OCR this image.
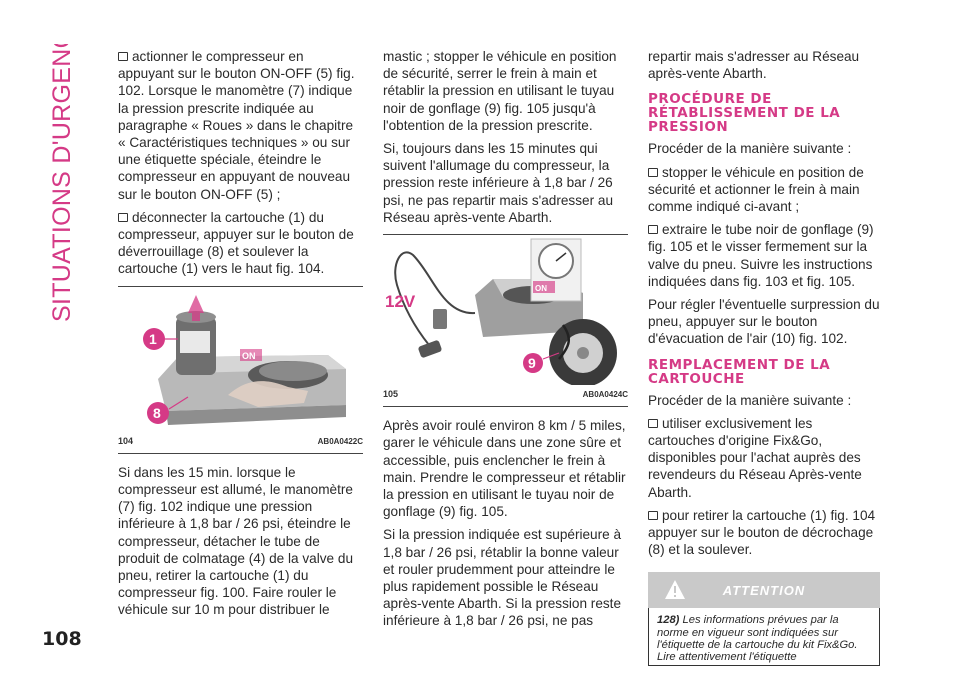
SITUATIONS D'URGENCE
108

actionner le compresseur en appuyant sur le bouton ON-OFF (5) fig. 102. Lorsque le manomètre (7) indique la pression prescrite indiquée au paragraphe « Roues » dans le chapitre « Caractéristiques techniques » ou sur une étiquette spéciale, éteindre le compresseur en appuyant de nouveau sur le bouton ON-OFF (5) ;

déconnecter la cartouche (1) du compresseur, appuyer sur le bouton de déverrouillage (8) et soulever la cartouche (1) vers le haut fig. 104.

ON
1
8
104	AB0A0422C

Si dans les 15 min. lorsque le compresseur est allumé, le manomètre (7) fig. 102 indique une pression inférieure à 1,8 bar / 26 psi, éteindre le compresseur, détacher le tube de produit de colmatage (4) de la valve du pneu, retirer la cartouche (1) du compresseur fig. 100. Faire rouler le véhicule sur 10 m pour distribuer le

mastic ; stopper le véhicule en position de sécurité, serrer le frein à main et rétablir la pression en utilisant le tuyau noir de gonflage (9) fig. 105 jusqu'à l'obtention de la pression prescrite.

Si, toujours dans les 15 minutes qui suivent l'allumage du compresseur, la pression reste inférieure à 1,8 bar / 26 psi, ne pas repartir mais s'adresser au Réseau après-vente Abarth.

ON
12V
9
105	AB0A0424C

Après avoir roulé environ 8 km / 5 miles, garer le véhicule dans une zone sûre et accessible, puis enclencher le frein à main. Prendre le compresseur et rétablir la pression en utilisant le tuyau noir de gonflage (9) fig. 105.

Si la pression indiquée est supérieure à 1,8 bar / 26 psi, rétablir la bonne valeur et rouler prudemment pour atteindre le plus rapidement possible le Réseau après-vente Abarth. Si la pression reste inférieure à 1,8 bar / 26 psi, ne pas

repartir mais s'adresser au Réseau après-vente Abarth.

PROCÉDURE DE RÉTABLISSEMENT DE LA PRESSION

Procéder de la manière suivante :

stopper le véhicule en position de sécurité et actionner le frein à main comme indiqué ci-avant ;

extraire le tube noir de gonflage (9) fig. 105 et le visser fermement sur la valve du pneu. Suivre les instructions indiquées dans fig. 103 et fig. 105.

Pour régler l'éventuelle surpression du pneu, appuyer sur le bouton d'évacuation de l'air (10) fig. 102.

REMPLACEMENT DE LA CARTOUCHE

Procéder de la manière suivante :

utiliser exclusivement les cartouches d'origine Fix&Go, disponibles pour l'achat auprès des revendeurs du Réseau Après-vente Abarth.

pour retirer la cartouche (1) fig. 104 appuyer sur le bouton de décrochage (8) et la soulever.

ATTENTION
128) Les informations prévues par la norme en vigueur sont indiquées sur l'étiquette de la cartouche du kit Fix&Go. Lire attentivement l'étiquette
